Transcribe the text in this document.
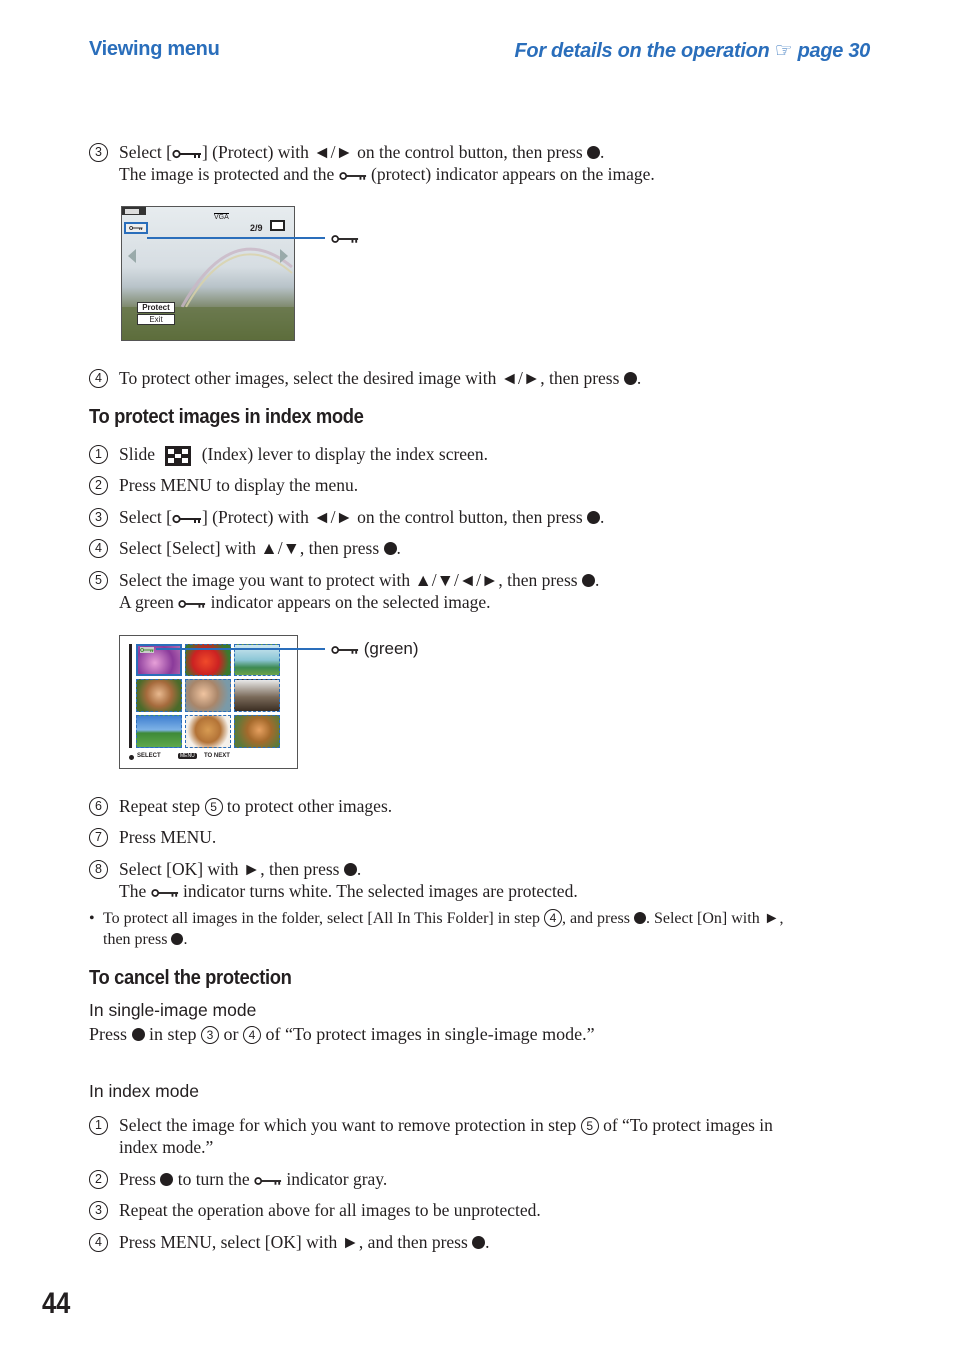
Viewing menu	For details on the operation ☞ page 30
3 Select [ ] (Protect) with ◄/► on the control button, then press .
The image is protected and the (protect) indicator appears on the image.
VGA
2/9
Protect
Exit
4 To protect other images, select the desired image with ◄/►, then press .
To protect images in index mode
1 Slide	(Index) lever to display the index screen.
2 Press MENU to display the menu.
3 Select [ ] (Protect) with ◄/► on the control button, then press .
4 Select [Select] with ▲/▼, then press .
5 Select the image you want to protect with ▲/▼/◄/►, then press .
A green indicator appears on the selected image.
SELECT	MENU	TO NEXT
(green)
6 Repeat step 5 to protect other images.
7 Press MENU.
8 Select [OK] with ►, then press .
The indicator turns white. The selected images are protected.
• To protect all images in the folder, select [All In This Folder] in step 4 , and press . Select [On] with ►,
then press .
To cancel the protection
In single-image mode
Press in step 3 or 4 of “To protect images in single-image mode.”
In index mode
1 Select the image for which you want to remove protection in step 5 of “To protect images in
index mode.”
2 Press to turn the indicator gray.
3 Repeat the operation above for all images to be unprotected.
4 Press MENU, select [OK] with ►, and then press .
44
